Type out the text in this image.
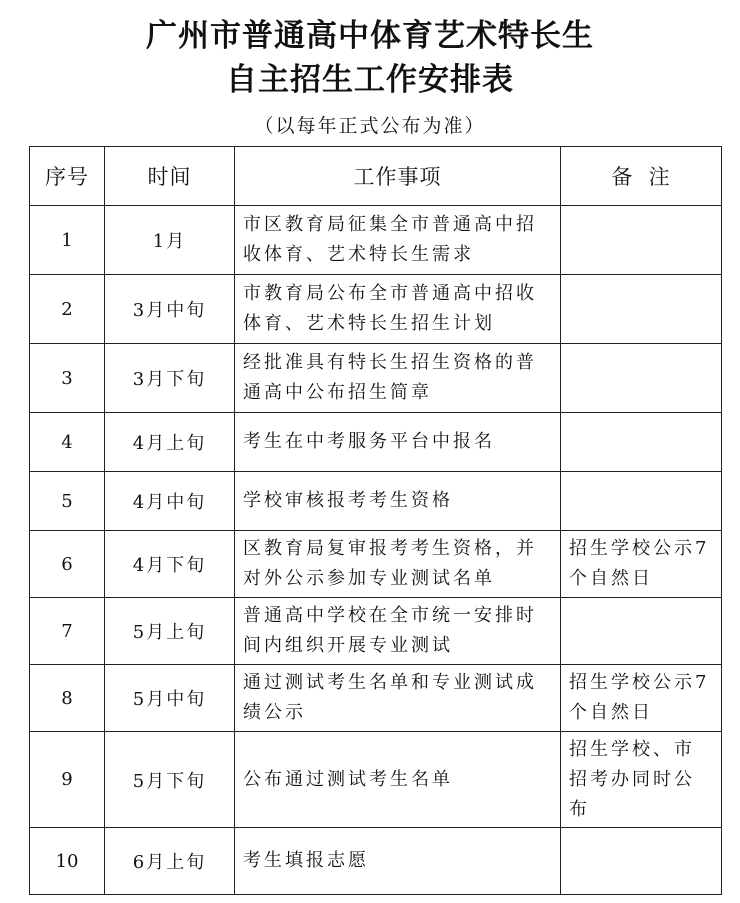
广州市普通高中体育艺术特长生
自主招生工作安排表
（以每年正式公布为准）
序号	时间	工作事项	备  注
1	1月	市区教育局征集全市普通高中招收体育、艺术特长生需求	
2	3月中旬	市教育局公布全市普通高中招收体育、艺术特长生招生计划	
3	3月下旬	经批准具有特长生招生资格的普通高中公布招生简章	
4	4月上旬	考生在中考服务平台中报名	
5	4月中旬	学校审核报考考生资格	
6	4月下旬	区教育局复审报考考生资格，并对外公示参加专业测试名单	招生学校公示7个自然日
7	5月上旬	普通高中学校在全市统一安排时间内组织开展专业测试	
8	5月中旬	通过测试考生名单和专业测试成绩公示	招生学校公示7个自然日
9	5月下旬	公布通过测试考生名单	招生学校、市招考办同时公布
10	6月上旬	考生填报志愿	
